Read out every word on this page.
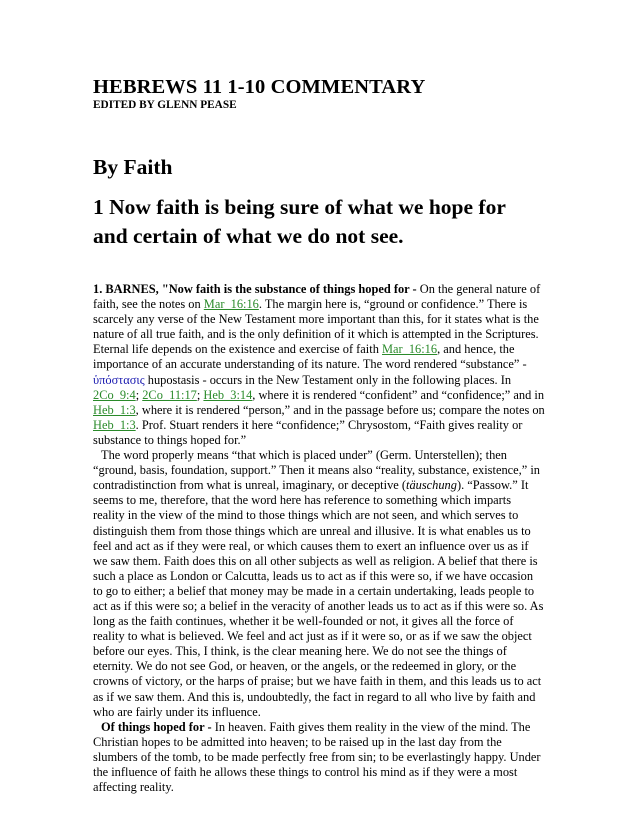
HEBREWS 11 1-10 COMMENTARY
EDITED BY GLENN PEASE
By Faith
1 Now faith is being sure of what we hope for and certain of what we do not see.

1. BARNES, "Now faith is the substance of things hoped for - On the general nature of faith, see the notes on Mar_16:16. The margin here is, “ground or confidence.” There is scarcely any verse of the New Testament more important than this, for it states what is the nature of all true faith, and is the only definition of it which is attempted in the Scriptures. Eternal life depends on the existence and exercise of faith Mar_16:16, and hence, the importance of an accurate understanding of its nature. The word rendered “substance” - ὑπόστασις hupostasis - occurs in the New Testament only in the following places. In 2Co_9:4; 2Co_11:17; Heb_3:14, where it is rendered “confident” and “confidence;” and in Heb_1:3, where it is rendered “person,” and in the passage before us; compare the notes on Heb_1:3. Prof. Stuart renders it here “confidence;” Chrysostom, “Faith gives reality or substance to things hoped for.”

The word properly means “that which is placed under” (Germ. Unterstellen); then “ground, basis, foundation, support.” Then it means also “reality, substance, existence,” in contradistinction from what is unreal, imaginary, or deceptive (täuschung). “Passow.” It seems to me, therefore, that the word here has reference to something which imparts reality in the view of the mind to those things which are not seen, and which serves to distinguish them from those things which are unreal and illusive. It is what enables us to feel and act as if they were real, or which causes them to exert an influence over us as if we saw them. Faith does this on all other subjects as well as religion. A belief that there is such a place as London or Calcutta, leads us to act as if this were so, if we have occasion to go to either; a belief that money may be made in a certain undertaking, leads people to act as if this were so; a belief in the veracity of another leads us to act as if this were so. As long as the faith continues, whether it be well-founded or not, it gives all the force of reality to what is believed. We feel and act just as if it were so, or as if we saw the object before our eyes. This, I think, is the clear meaning here. We do not see the things of eternity. We do not see God, or heaven, or the angels, or the redeemed in glory, or the crowns of victory, or the harps of praise; but we have faith in them, and this leads us to act as if we saw them. And this is, undoubtedly, the fact in regard to all who live by faith and who are fairly under its influence.

Of things hoped for - In heaven. Faith gives them reality in the view of the mind. The Christian hopes to be admitted into heaven; to be raised up in the last day from the slumbers of the tomb, to be made perfectly free from sin; to be everlastingly happy. Under the influence of faith he allows these things to control his mind as if they were a most affecting reality.
